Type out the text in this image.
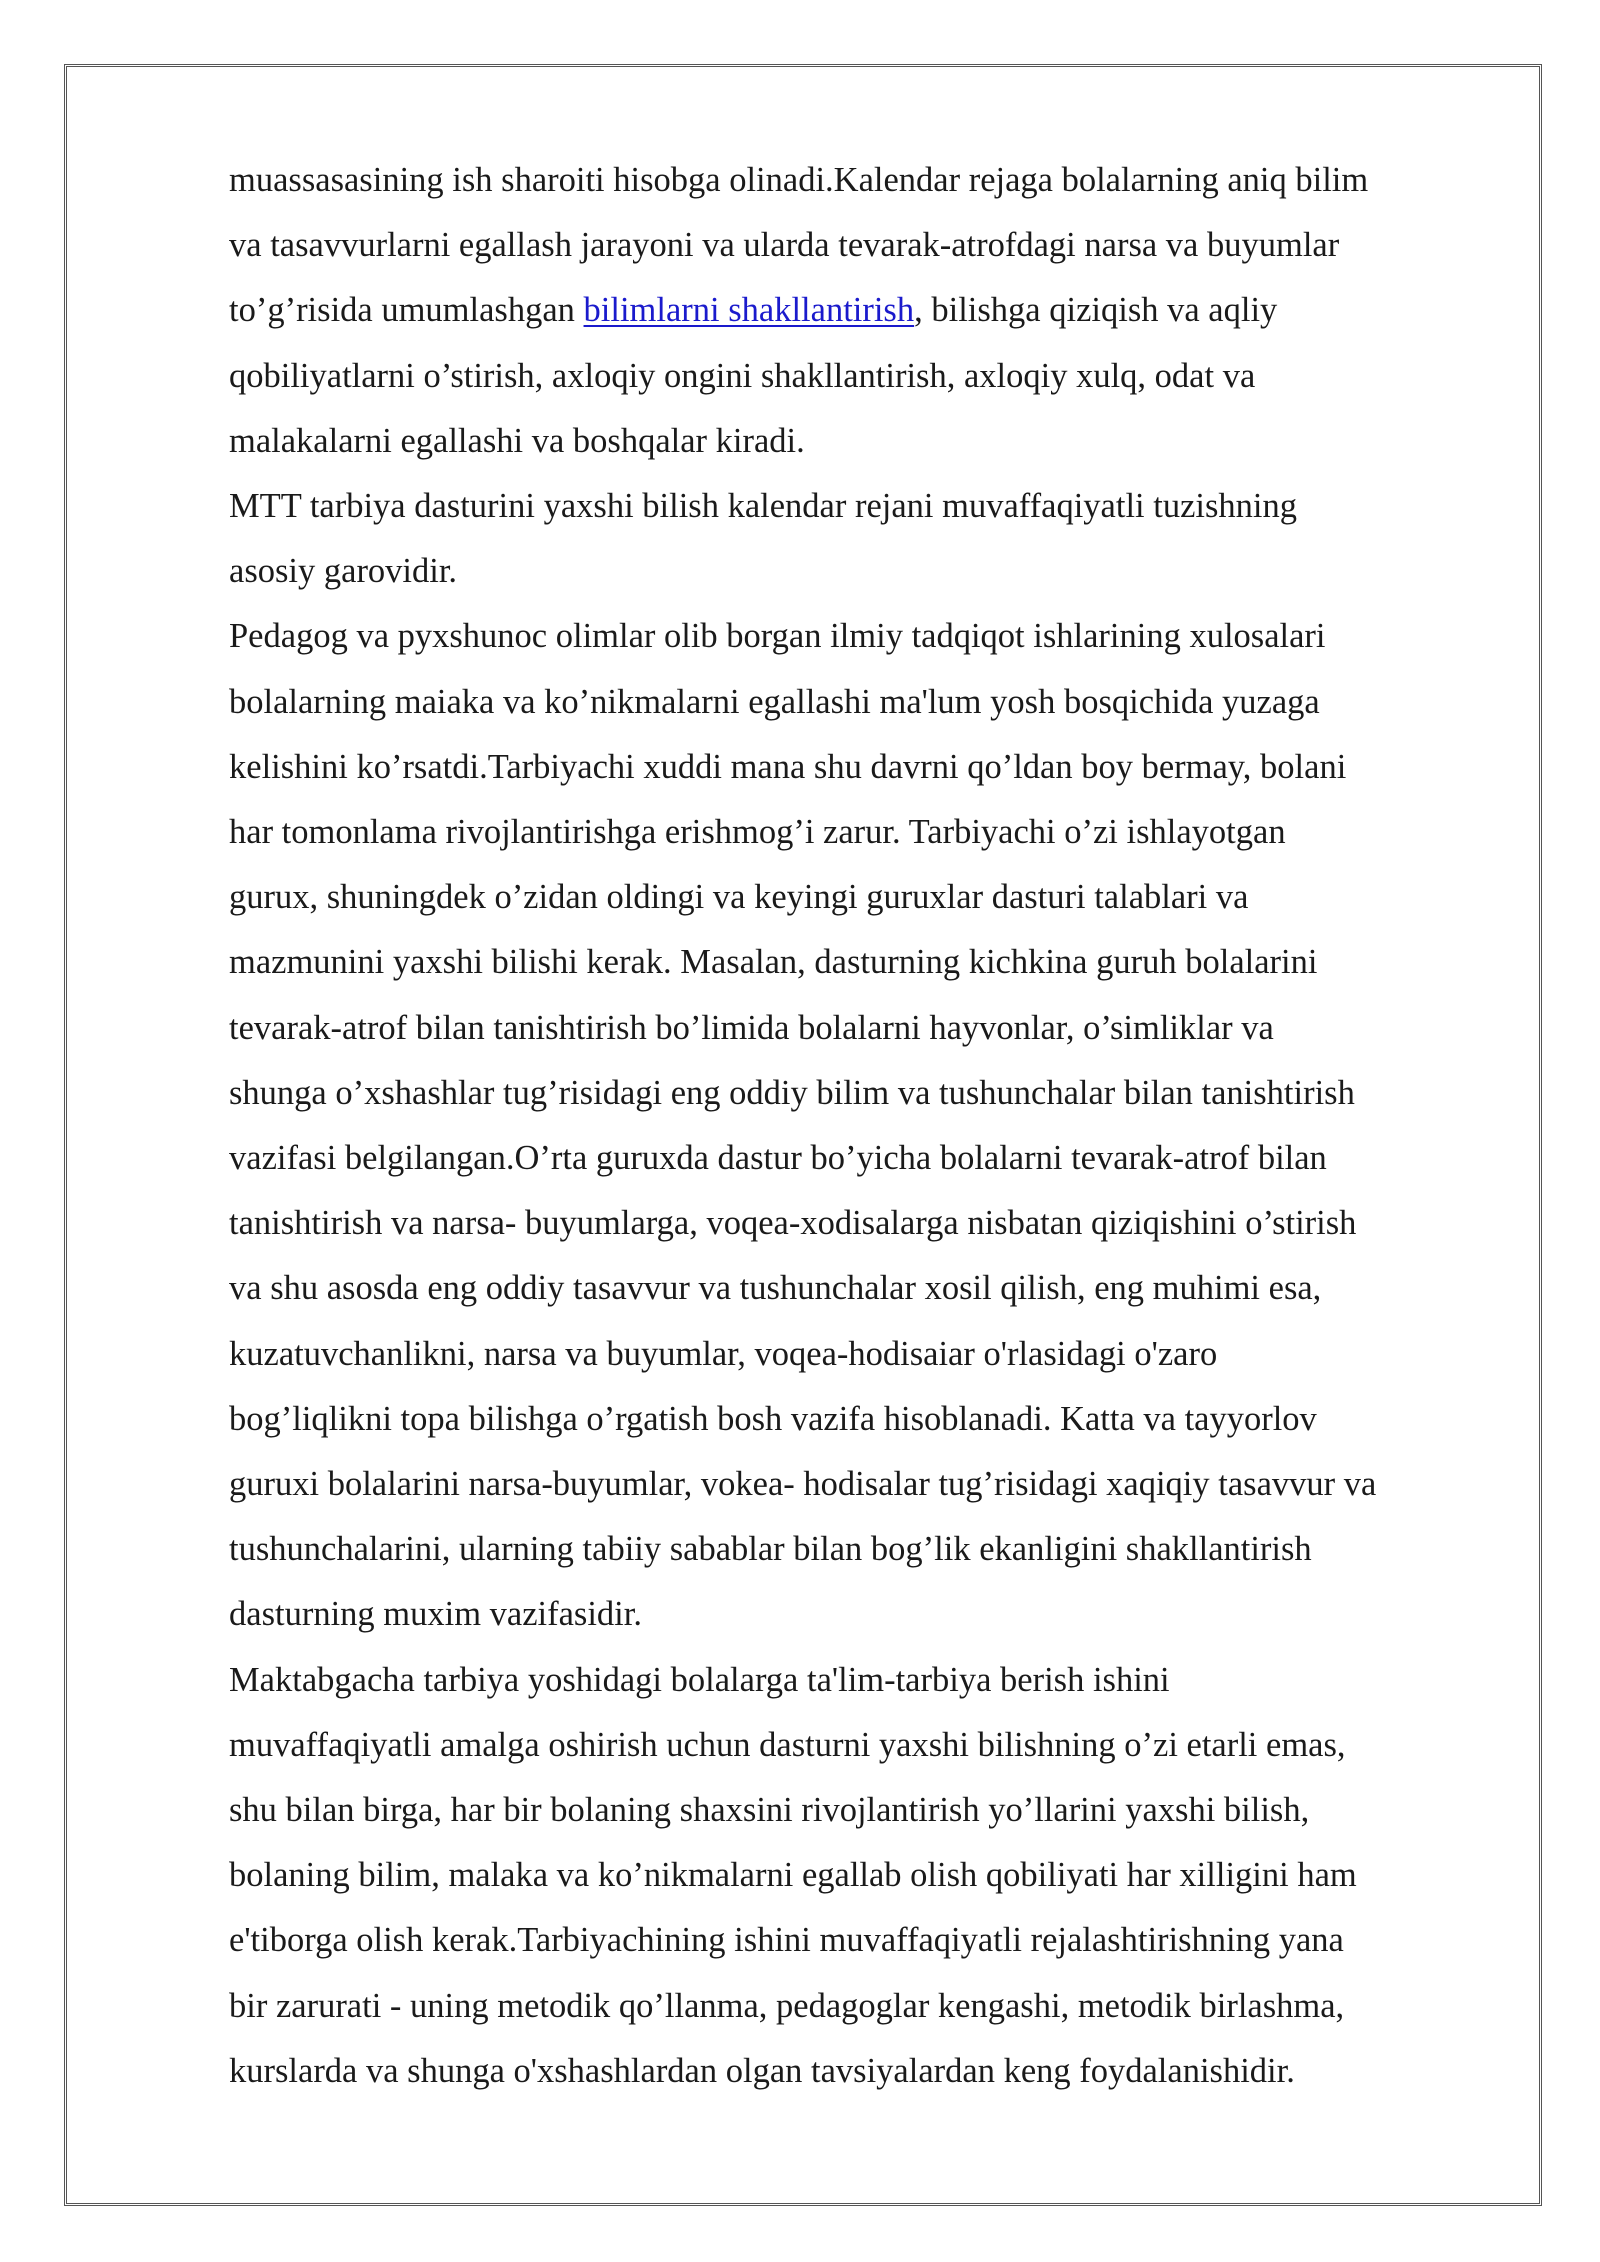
muassasasining ish sharoiti hisobga olinadi.Kalendar rejaga bolalarning aniq bilim
va tasavvurlarni egallash jarayoni va ularda tevarak-atrofdagi narsa va buyumlar
to’g’risida umumlashgan bilimlarni shakllantirish, bilishga qiziqish va aqliy
qobiliyatlarni o’stirish, axloqiy ongini shakllantirish, axloqiy xulq, odat va
malakalarni egallashi va boshqalar kiradi.
MTT tarbiya dasturini yaxshi bilish kalendar rejani muvaffaqiyatli tuzishning
asosiy garovidir.
Pedagog va pyxshunoc olimlar olib borgan ilmiy tadqiqot ishlarining xulosalari
bolalarning maiaka va ko’nikmalarni egallashi ma'lum yosh bosqichida yuzaga
kelishini ko’rsatdi.Tarbiyachi xuddi mana shu davrni qo’ldan boy bermay, bolani
har tomonlama rivojlantirishga erishmog’i zarur. Tarbiyachi o’zi ishlayotgan
gurux, shuningdek o’zidan oldingi va keyingi guruxlar dasturi talablari va
mazmunini yaxshi bilishi kerak. Masalan, dasturning kichkina guruh bolalarini
tevarak-atrof bilan tanishtirish bo’limida bolalarni hayvonlar, o’simliklar va
shunga o’xshashlar tug’risidagi eng oddiy bilim va tushunchalar bilan tanishtirish
vazifasi belgilangan.O’rta guruxda dastur bo’yicha bolalarni tevarak-atrof bilan
tanishtirish va narsa- buyumlarga, voqea-xodisalarga nisbatan qiziqishini o’stirish
va shu asosda eng oddiy tasavvur va tushunchalar xosil qilish, eng muhimi esa,
kuzatuvchanlikni, narsa va buyumlar, voqea-hodisaiar o'rlasidagi o'zaro
bog’liqlikni topa bilishga o’rgatish bosh vazifa hisoblanadi. Katta va tayyorlov
guruxi bolalarini narsa-buyumlar, vokea- hodisalar tug’risidagi xaqiqiy tasavvur va
tushunchalarini, ularning tabiiy sabablar bilan bog’lik ekanligini shakllantirish
dasturning muxim vazifasidir.
Maktabgacha tarbiya yoshidagi bolalarga ta'lim-tarbiya berish ishini
muvaffaqiyatli amalga oshirish uchun dasturni yaxshi bilishning o’zi etarli emas,
shu bilan birga, har bir bolaning shaxsini rivojlantirish yo’llarini yaxshi bilish,
bolaning bilim, malaka va ko’nikmalarni egallab olish qobiliyati har xilligini ham
e'tiborga olish kerak.Tarbiyachining ishini muvaffaqiyatli rejalashtirishning yana
bir zarurati - uning metodik qo’llanma, pedagoglar kengashi, metodik birlashma,
kurslarda va shunga o'xshashlardan olgan tavsiyalardan keng foydalanishidir.
